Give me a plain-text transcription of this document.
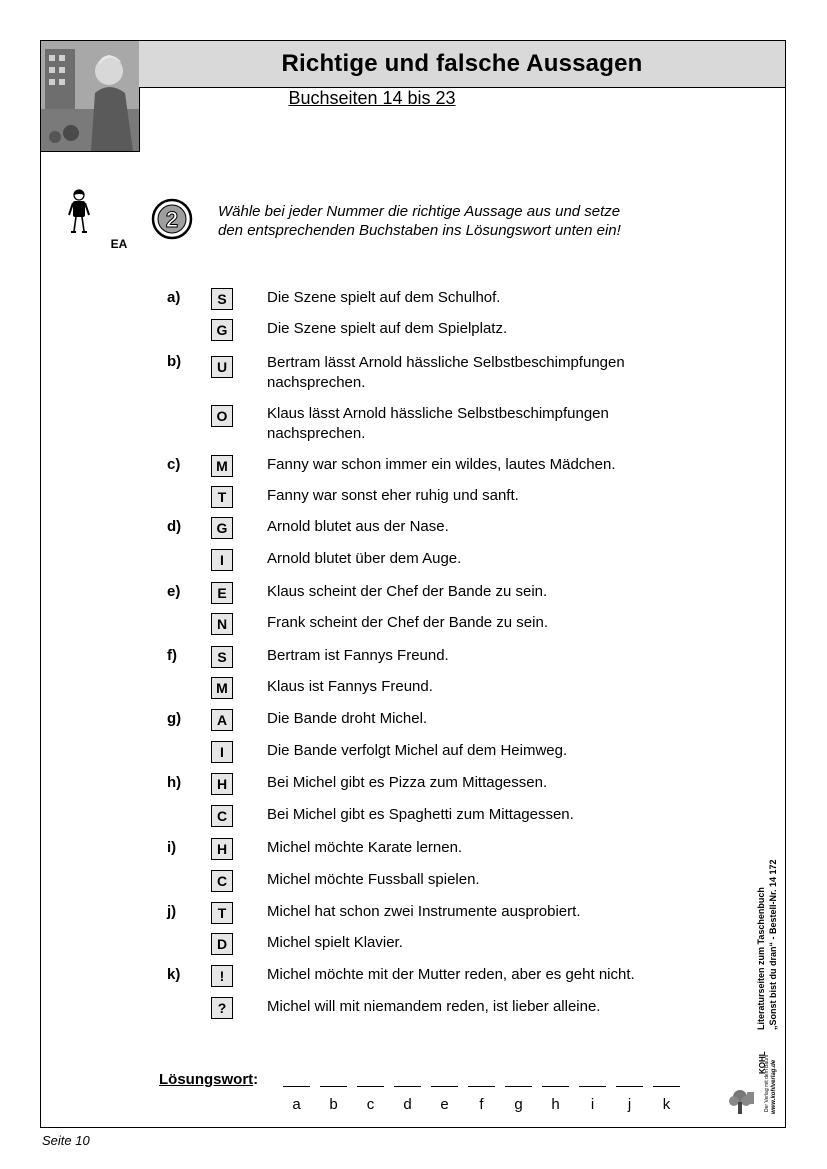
Richtige und falsche Aussagen
Buchseiten 14 bis 23
EA
2	Wähle bei jeder Nummer die richtige Aussage aus und setze
den entsprechenden Buchstaben ins Lösungswort unten ein!
a)	S	Die Szene spielt auf dem Schulhof.
G	Die Szene spielt auf dem Spielplatz.
b)	U	Bertram lässt Arnold hässliche Selbstbeschimpfungen nachsprechen.
O	Klaus lässt Arnold hässliche Selbstbeschimpfungen nachsprechen.
c)	M	Fanny war schon immer ein wildes, lautes Mädchen.
T	Fanny war sonst eher ruhig und sanft.
d)	G	Arnold blutet aus der Nase.
I	Arnold blutet über dem Auge.
e)	E	Klaus scheint der Chef der Bande zu sein.
N	Frank scheint der Chef der Bande zu sein.
f)	S	Bertram ist Fannys Freund.
M	Klaus ist Fannys Freund.
g)	A	Die Bande droht Michel.
I	Die Bande verfolgt Michel auf dem Heimweg.
h)	H	Bei Michel gibt es Pizza zum Mittagessen.
C	Bei Michel gibt es Spaghetti zum Mittagessen.
i)	H	Michel möchte Karate lernen.
C	Michel möchte Fussball spielen.
j)	T	Michel hat schon zwei Instrumente ausprobiert.
D	Michel spielt Klavier.
k)	!	Michel möchte mit der Mutter reden, aber es geht nicht.
?	Michel will mit niemandem reden, ist lieber alleine.
Lösungswort:
a	b	c	d	e	f	g	h	i	j	k
Literaturseiten zum Taschenbuch „Sonst bist du dran“ - Bestell-Nr. 14 172
KOHL
Der Verlag mit dem Baum www.kohlverlag.de
Seite 10
